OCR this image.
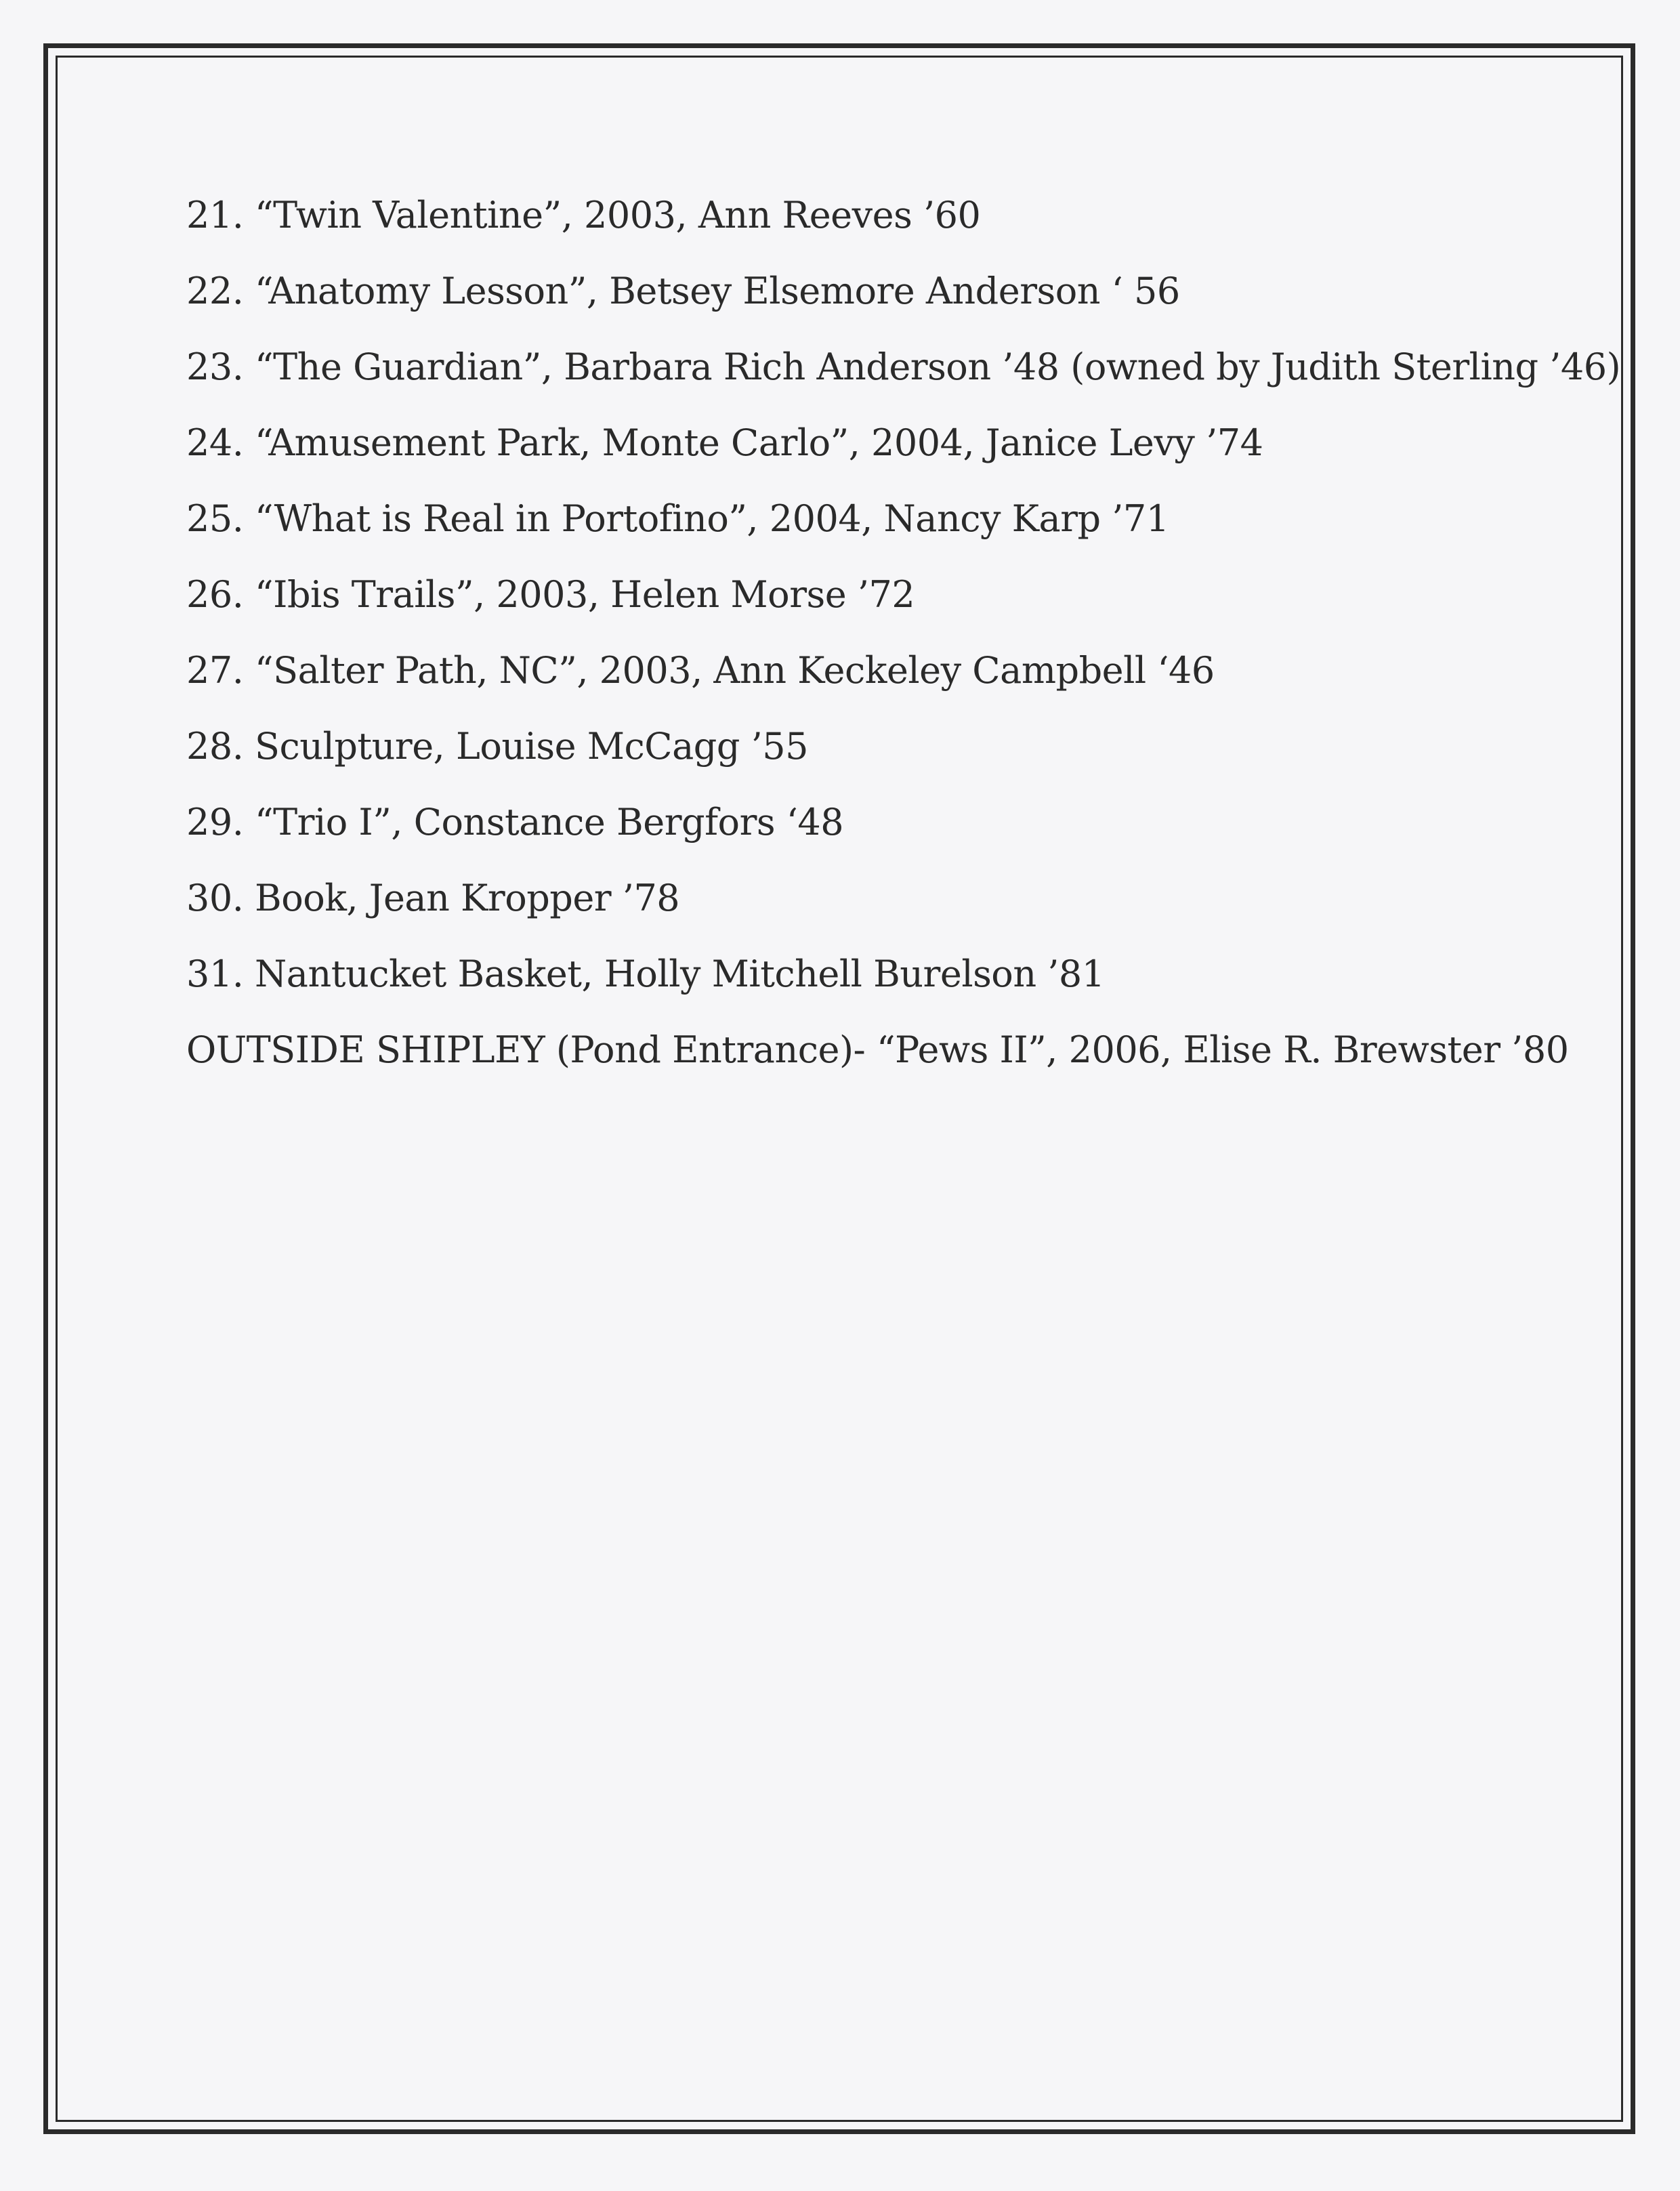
21. “Twin Valentine”, 2003, Ann Reeves ’60
22. “Anatomy Lesson”, Betsey Elsemore Anderson ‘ 56
23. “The Guardian”, Barbara Rich Anderson ’48 (owned by Judith Sterling ’46)
24. “Amusement Park, Monte Carlo”, 2004, Janice Levy ’74
25. “What is Real in Portofino”, 2004, Nancy Karp ’71
26. “Ibis Trails”, 2003, Helen Morse ’72
27. “Salter Path, NC”, 2003, Ann Keckeley Campbell ‘46
28. Sculpture, Louise McCagg ’55
29. “Trio I”, Constance Bergfors ‘48
30. Book, Jean Kropper ’78
31. Nantucket Basket, Holly Mitchell Burelson ’81
OUTSIDE SHIPLEY (Pond Entrance)- “Pews II”, 2006, Elise R. Brewster ’80
